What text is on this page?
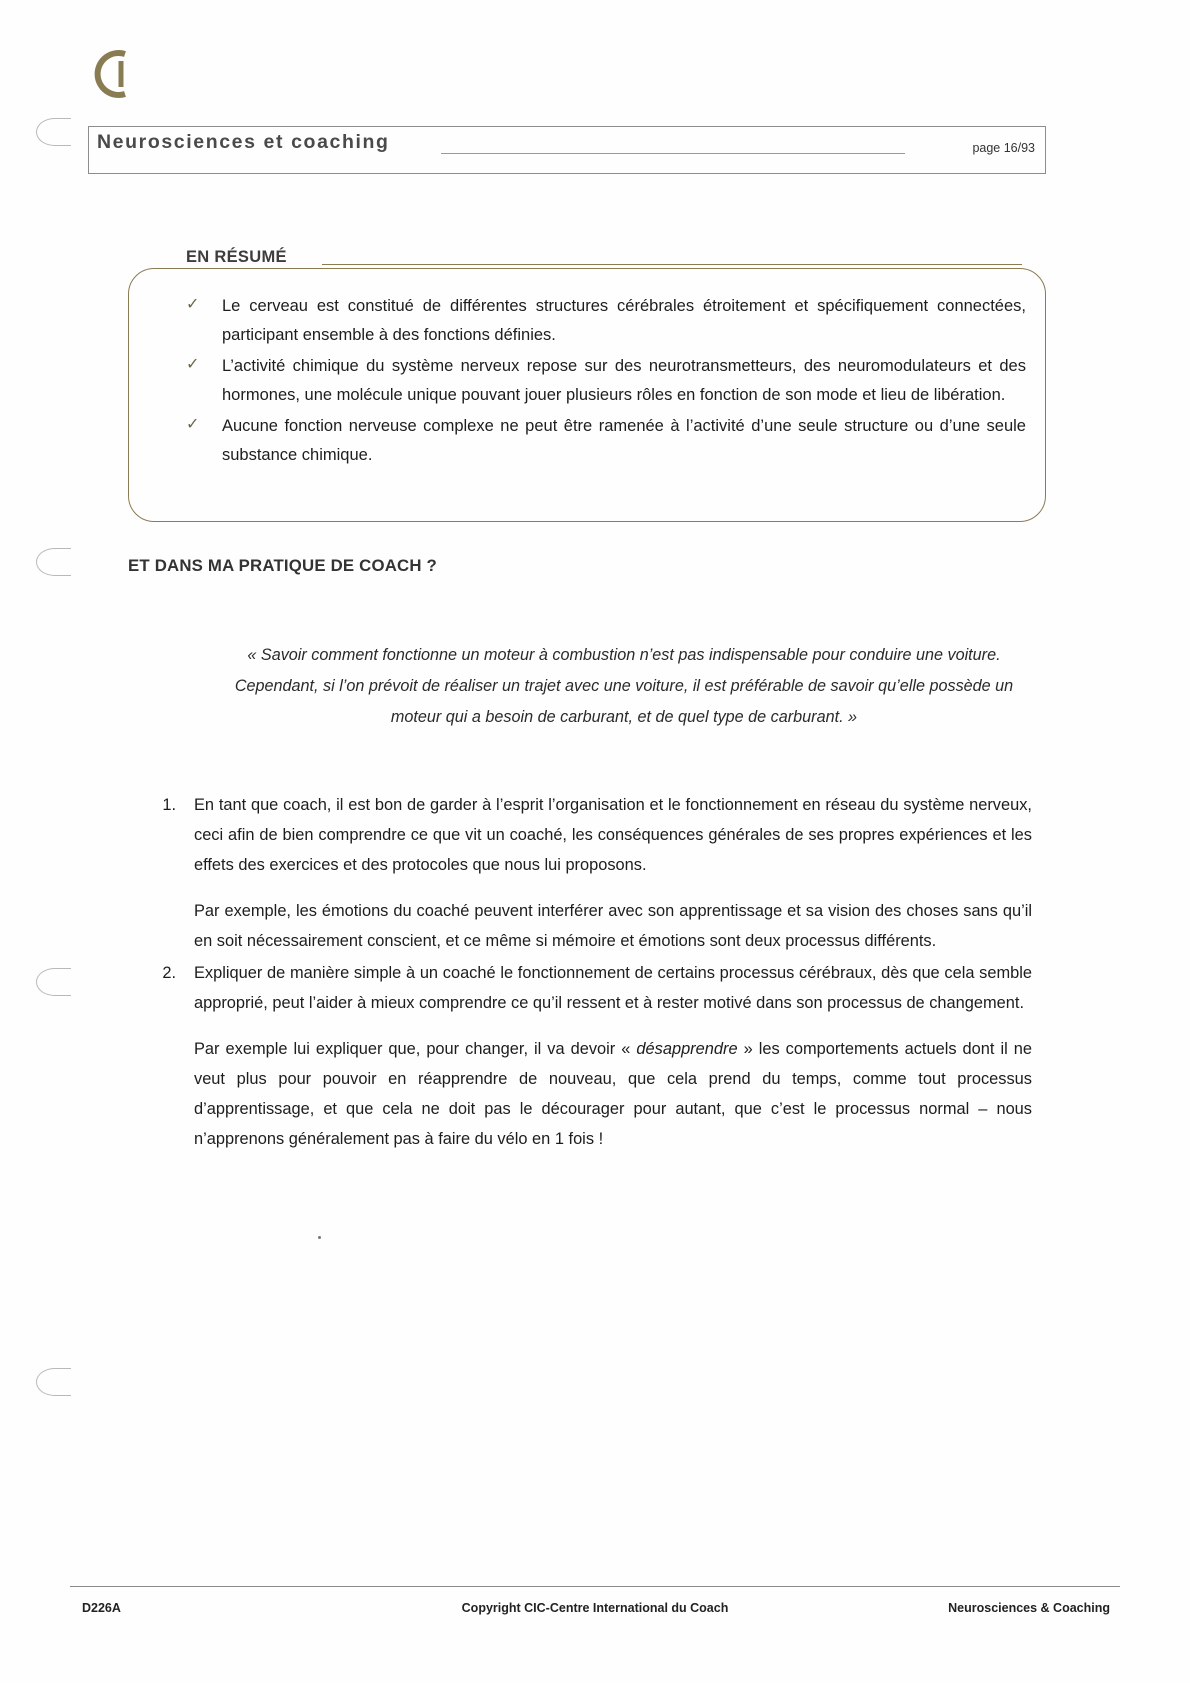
Neurosciences et coaching	page 16/93
EN RÉSUMÉ
✓	Le cerveau est constitué de différentes structures cérébrales étroitement et spécifiquement connectées, participant ensemble à des fonctions définies.
✓	L’activité chimique du système nerveux repose sur des neurotransmetteurs, des neuromodulateurs et des hormones, une molécule unique pouvant jouer plusieurs rôles en fonction de son mode et lieu de libération.
✓	Aucune fonction nerveuse complexe ne peut être ramenée à l’activité d’une seule structure ou d’une seule substance chimique.
ET DANS MA PRATIQUE DE COACH ?
« Savoir comment fonctionne un moteur à combustion n’est pas indispensable pour conduire une voiture. Cependant, si l’on prévoit de réaliser un trajet avec une voiture, il est préférable de savoir qu’elle possède un moteur qui a besoin de carburant, et de quel type de carburant. »
1.	En tant que coach, il est bon de garder à l’esprit l’organisation et le fonctionnement en réseau du système nerveux, ceci afin de bien comprendre ce que vit un coaché, les conséquences générales de ses propres expériences et les effets des exercices et des protocoles que nous lui proposons.

Par exemple, les émotions du coaché peuvent interférer avec son apprentissage et sa vision des choses sans qu’il en soit nécessairement conscient, et ce même si mémoire et émotions sont deux processus différents.

2.	Expliquer de manière simple à un coaché le fonctionnement de certains processus cérébraux, dès que cela semble approprié, peut l’aider à mieux comprendre ce qu’il ressent et à rester motivé dans son processus de changement.

Par exemple lui expliquer que, pour changer, il va devoir « désapprendre » les comportements actuels dont il ne veut plus pour pouvoir en réapprendre de nouveau, que cela prend du temps, comme tout processus d’apprentissage, et que cela ne doit pas le décourager pour autant, que c’est le processus normal – nous n’apprenons généralement pas à faire du vélo en 1 fois !

D226A	Copyright CIC-Centre International du Coach	Neurosciences & Coaching
